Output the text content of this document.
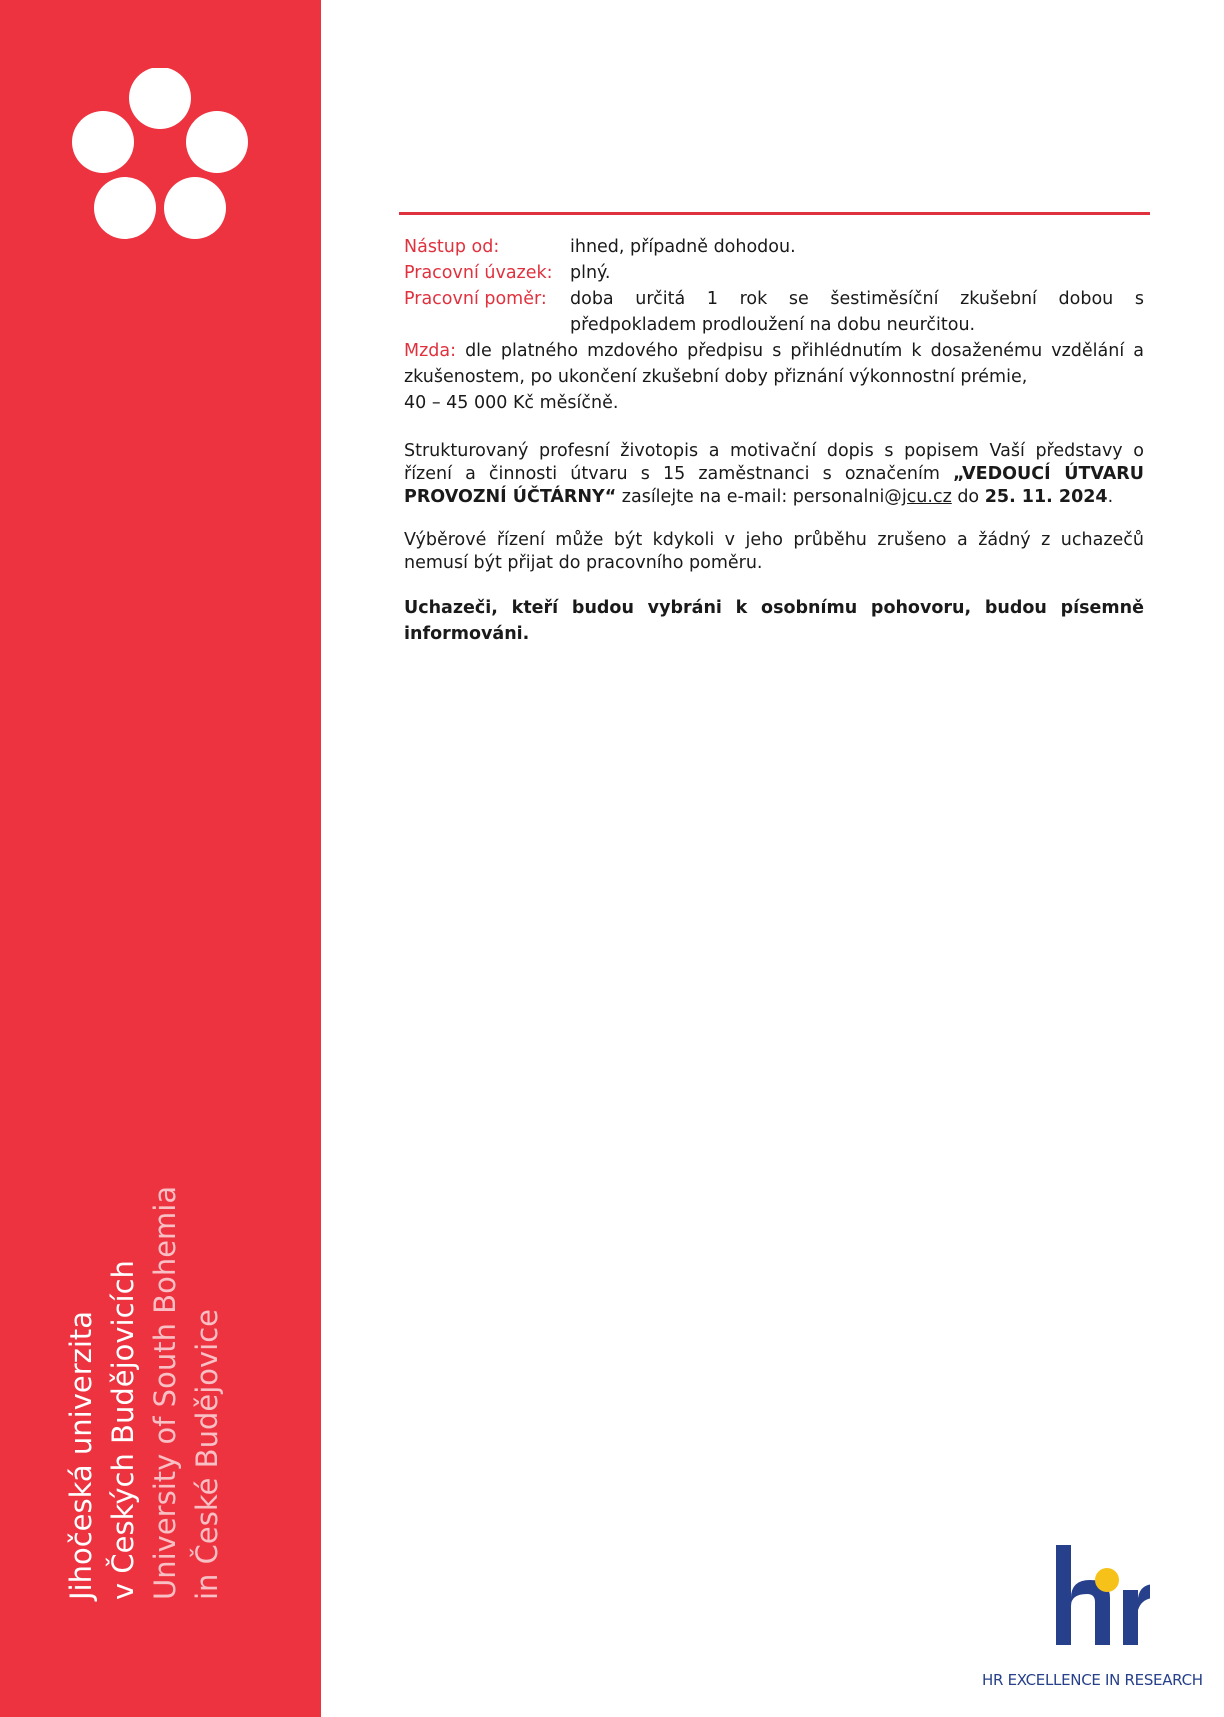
Jihočeská univerzita v Českých Budějovicích University of South Bohemia in České Budějovice
Nástup od:	ihned, případně dohodou.
Pracovní úvazek: plný.
Pracovní poměr:	doba určitá 1 rok se šestiměsíční zkušební dobou s předpokladem prodloužení na dobu neurčitou.

Mzda: dle platného mzdového předpisu s přihlédnutím k dosaženému vzdělání a zkušenostem, po ukončení zkušební doby přiznání výkonnostní prémie,

40 – 45 000 Kč měsíčně.

Strukturovaný profesní životopis a motivační dopis s popisem Vaší představy o řízení a činnosti útvaru s 15 zaměstnanci s označením „VEDOUCÍ ÚTVARU PROVOZNÍ ÚČTÁRNY“ zasílejte na e-mail: personalni@jcu.cz do 25. 11. 2024.

Výběrové řízení může být kdykoli v jeho průběhu zrušeno a žádný z uchazečů nemusí být přijat do pracovního poměru.

Uchazeči, kteří budou vybráni k osobnímu pohovoru, budou písemně informováni.

HR EXCELLENCE IN RESEARCH
